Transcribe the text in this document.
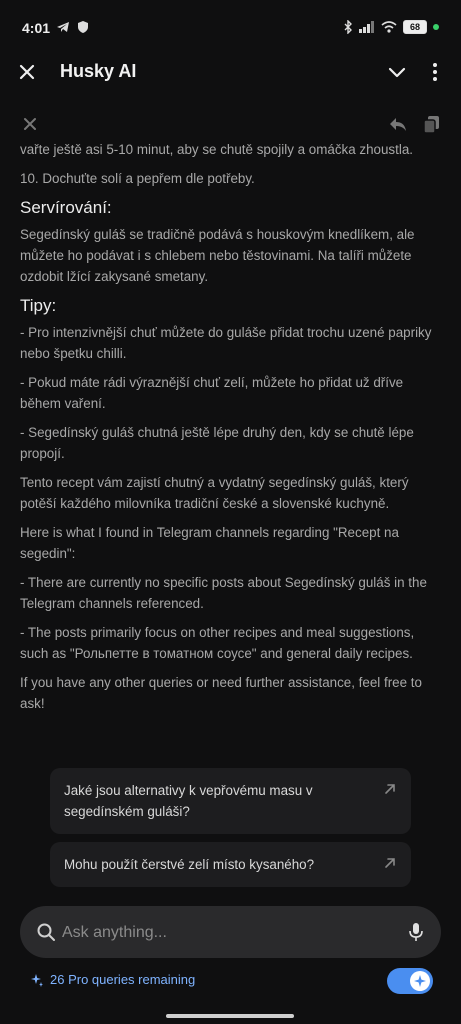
4:01	68
Husky AI

vařte ještě asi 5-10 minut, aby se chutě spojily a omáčka zhoustla.

10. Dochuťte solí a pepřem dle potřeby.

Servírování:

Segedínský guláš se tradičně podává s houskovým knedlíkem, ale můžete ho podávat i s chlebem nebo těstovinami. Na talíři můžete ozdobit lžící zakysané smetany.

Tipy:

- Pro intenzivnější chuť můžete do guláše přidat trochu uzené papriky nebo špetku chilli.

- Pokud máte rádi výraznější chuť zelí, můžete ho přidat už dříve během vaření.

- Segedínský guláš chutná ještě lépe druhý den, kdy se chutě lépe propojí.

Tento recept vám zajistí chutný a vydatný segedínský guláš, který potěší každého milovníka tradiční české a slovenské kuchyně.

Here is what I found in Telegram channels regarding "Recept na segedin":

- There are currently no specific posts about Segedínský guláš in the Telegram channels referenced.

- The posts primarily focus on other recipes and meal suggestions, such as "Рольпетте в томатном соусе" and general daily recipes.

If you have any other queries or need further assistance, feel free to ask!

Jaké jsou alternativy k vepřovému masu v segedínském guláši?
Mohu použít čerstvé zelí místo kysaného?
Ask anything...
26 Pro queries remaining
